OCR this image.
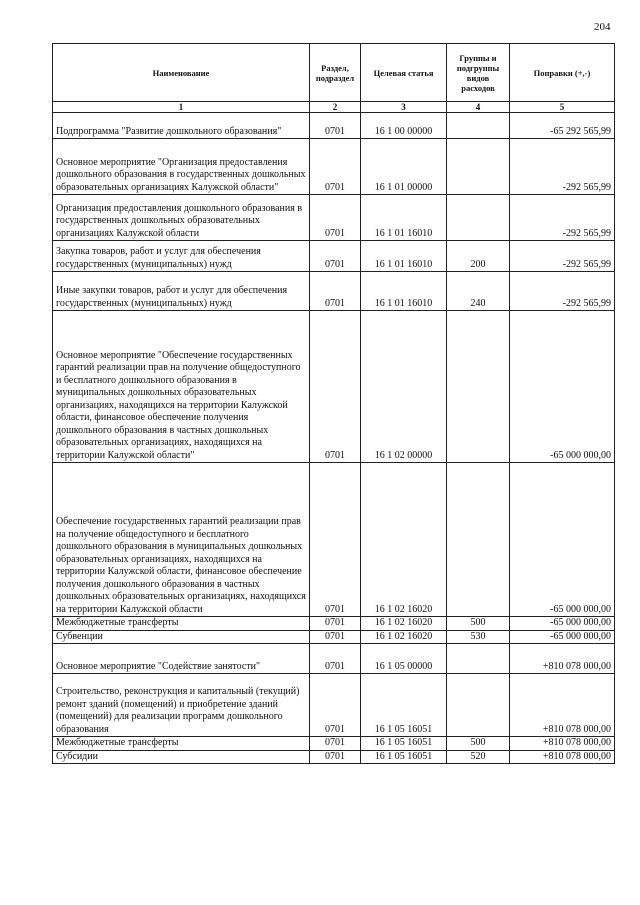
204
Наименование	Раздел, подраздел	Целевая статья	Группы и подгруппы видов расходов	Поправки (+,-)
1	2	3	4	5
Подпрограмма "Развитие дошкольного образования"	0701	16 1 00 00000		-65 292 565,99
Основное мероприятие "Организация предоставления дошкольного образования в государственных дошкольных образовательных организациях Калужской области"	0701	16 1 01 00000		-292 565,99
Организация предоставления дошкольного образования в государственных дошкольных образовательных организациях Калужской области	0701	16 1 01 16010		-292 565,99
Закупка товаров, работ и услуг для обеспечения государственных (муниципальных) нужд	0701	16 1 01 16010	200	-292 565,99
Иные закупки товаров, работ и услуг для обеспечения государственных (муниципальных) нужд	0701	16 1 01 16010	240	-292 565,99
Основное мероприятие "Обеспечение государственных гарантий реализации прав на получение общедоступного и бесплатного дошкольного образования в муниципальных дошкольных образовательных организациях, находящихся на территории Калужской области, финансовое обеспечение получения дошкольного образования в частных дошкольных образовательных организациях, находящихся на территории Калужской области"	0701	16 1 02 00000		-65 000 000,00
Обеспечение государственных гарантий реализации прав на получение общедоступного и бесплатного дошкольного образования в муниципальных дошкольных образовательных организациях, находящихся на территории Калужской области, финансовое обеспечение получения дошкольного образования в частных дошкольных образовательных организациях, находящихся на территории Калужской области	0701	16 1 02 16020		-65 000 000,00
Межбюджетные трансферты	0701	16 1 02 16020	500	-65 000 000,00
Субвенции	0701	16 1 02 16020	530	-65 000 000,00
Основное мероприятие "Содействие занятости"	0701	16 1 05 00000		+810 078 000,00
Строительство, реконструкция и капитальный (текущий) ремонт зданий (помещений) и приобретение зданий (помещений) для реализации программ дошкольного образования	0701	16 1 05 16051		+810 078 000,00
Межбюджетные трансферты	0701	16 1 05 16051	500	+810 078 000,00
Субсидии	0701	16 1 05 16051	520	+810 078 000,00
